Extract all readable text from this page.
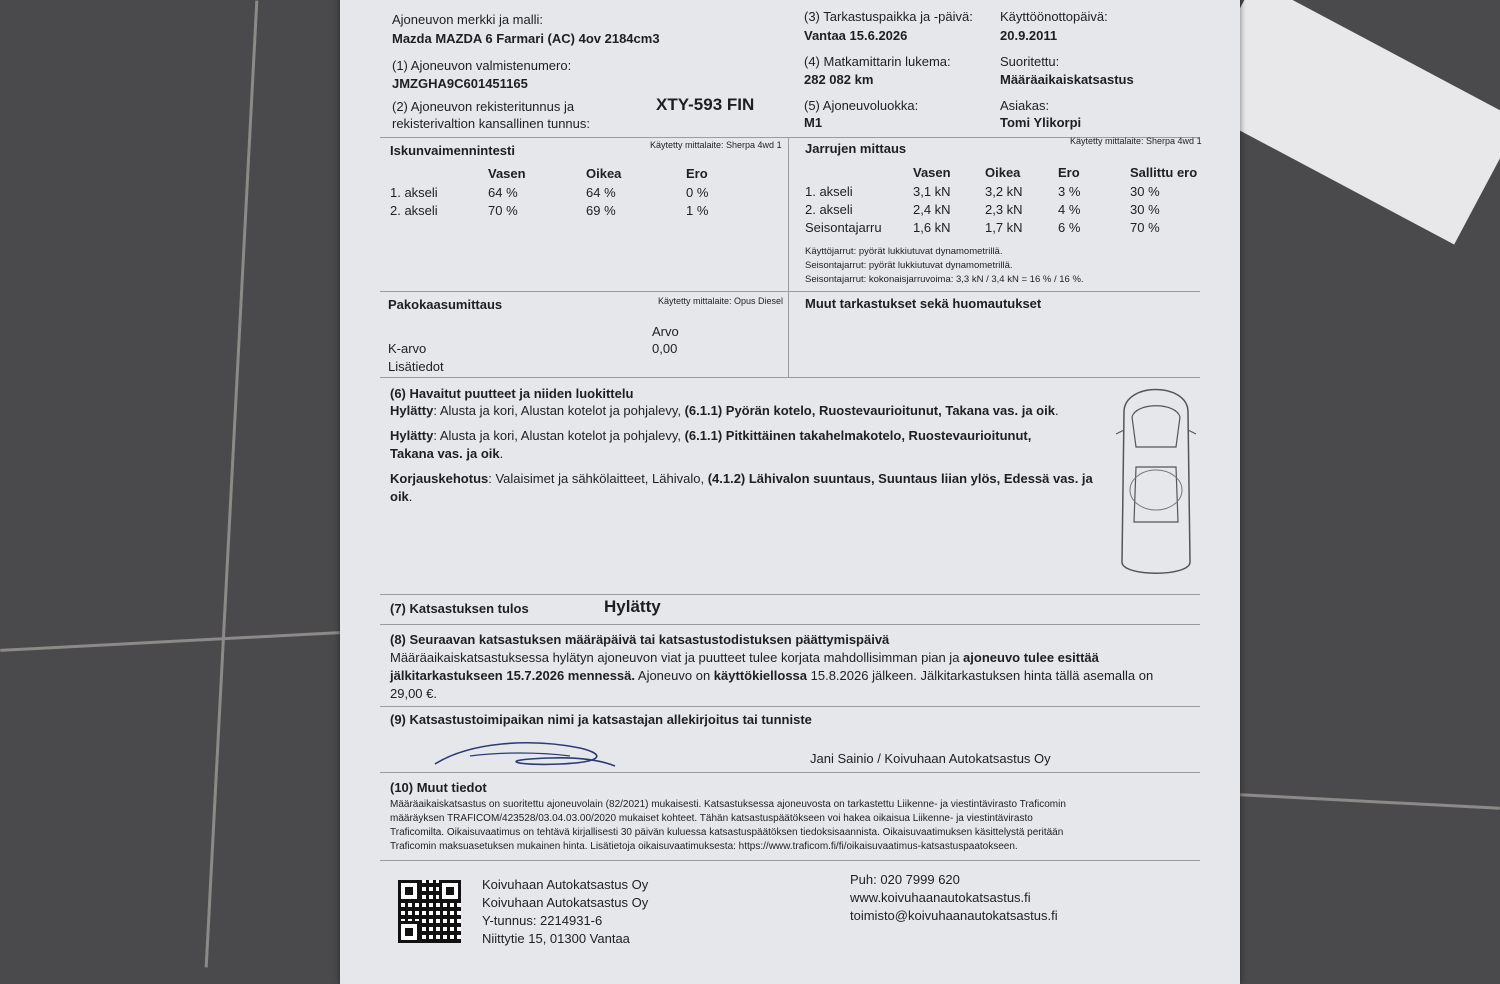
Ajoneuvon merkki ja malli:
Mazda MAZDA 6 Farmari (AC) 4ov 2184cm3
(1) Ajoneuvon valmistenumero:
JMZGHA9C601451165
(2) Ajoneuvon rekisteritunnus ja
rekisterivaltion kansallinen tunnus:
XTY-593 FIN
(3) Tarkastuspaikka ja -päivä:
Vantaa 15.6.2026
(4) Matkamittarin lukema:
282 082 km
(5) Ajoneuvoluokka:
M1
Käyttöönottopäivä:
20.9.2011
Suoritettu:
Määräaikaiskatsastus
Asiakas:
Tomi Ylikorpi
Iskunvaimennintesti	Käytetty mittalaite: Sherpa 4wd 1
Vasen	Oikea	Ero
1. akseli	64 %	64 %	0 %
2. akseli	70 %	69 %	1 %
Jarrujen mittaus	Käytetty mittalaite: Sherpa 4wd 1
Vasen	Oikea	Ero	Sallittu ero
1. akseli	3,1 kN	3,2 kN	3 %	30 %
2. akseli	2,4 kN	2,3 kN	4 %	30 %
Seisontajarru 1,6 kN	1,7 kN	6 %	70 %
Käyttöjarrut: pyörät lukkiutuvat dynamometrillä.
Seisontajarrut: pyörät lukkiutuvat dynamometrillä.
Seisontajarrut: kokonaisjarruvoima: 3,3 kN / 3,4 kN = 16 % / 16 %.
Pakokaasumittaus	Käytetty mittalaite: Opus Diesel
Arvo
K-arvo	0,00
Lisätiedot
Muut tarkastukset sekä huomautukset
(6) Havaitut puutteet ja niiden luokittelu
Hylätty: Alusta ja kori, Alustan kotelot ja pohjalevy, (6.1.1) Pyörän kotelo, Ruostevaurioitunut, Takana vas. ja oik.
Hylätty: Alusta ja kori, Alustan kotelot ja pohjalevy, (6.1.1) Pitkittäinen takahelmakotelo, Ruostevaurioitunut,
Takana vas. ja oik.
Korjauskehotus: Valaisimet ja sähkölaitteet, Lähivalo, (4.1.2) Lähivalon suuntaus, Suuntaus liian ylös, Edessä vas. ja
oik.
(7) Katsastuksen tulos	Hylätty
(8) Seuraavan katsastuksen määräpäivä tai katsastustodistuksen päättymispäivä
Määräaikaiskatsastuksessa hylätyn ajoneuvon viat ja puutteet tulee korjata mahdollisimman pian ja ajoneuvo tulee esittää
jälkitarkastukseen 15.7.2026 mennessä. Ajoneuvo on käyttökiellossa 15.8.2026 jälkeen. Jälkitarkastuksen hinta tällä asemalla on
29,00 €.
(9) Katsastustoimipaikan nimi ja katsastajan allekirjoitus tai tunniste
Jani Sainio / Koivuhaan Autokatsastus Oy
(10) Muut tiedot
Määräaikaiskatsastus on suoritettu ajoneuvolain (82/2021) mukaisesti. Katsastuksessa ajoneuvosta on tarkastettu Liikenne- ja viestintävirasto Traficomin
määräyksen TRAFICOM/423528/03.04.03.00/2020 mukaiset kohteet. Tähän katsastuspäätökseen voi hakea oikaisua Liikenne- ja viestintävirasto
Traficomilta. Oikaisuvaatimus on tehtävä kirjallisesti 30 päivän kuluessa katsastuspäätöksen tiedoksisaannista. Oikaisuvaatimuksen käsittelystä peritään
Traficomin maksuasetuksen mukainen hinta. Lisätietoja oikaisuvaatimuksesta: https://www.traficom.fi/fi/oikaisuvaatimus-katsastuspaatokseen.
Koivuhaan Autokatsastus Oy
Koivuhaan Autokatsastus Oy
Y-tunnus: 2214931-6
Niittytie 15, 01300 Vantaa
Puh: 020 7999 620
www.koivuhaanautokatsastus.fi
toimisto@koivuhaanautokatsastus.fi
